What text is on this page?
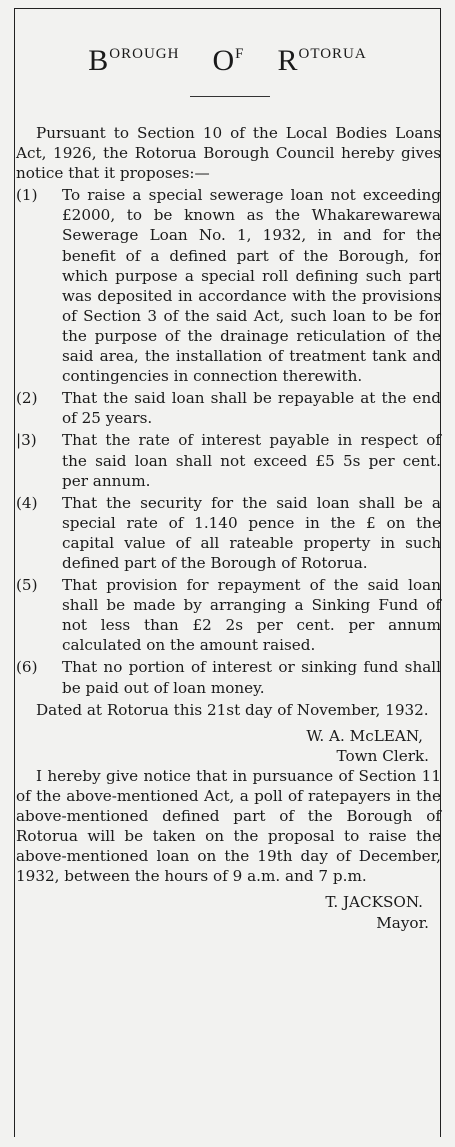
BOROUGH OF ROTORUA

Pursuant to Section 10 of the Local Bodies Loans Act, 1926, the Rotorua Borough Council hereby gives notice that it proposes:—

(1)	To raise a special sewerage loan not exceeding £2000, to be known as the Whakarewarewa Sewerage Loan No. 1, 1932, in and for the benefit of a defined part of the Borough, for which purpose a special roll defining such part was deposited in accordance with the provisions of Section 3 of the said Act, such loan to be for the purpose of the drainage reticulation of the said area, the installation of treatment tank and contingencies in connection therewith.
(2)	That the said loan shall be repayable at the end of 25 years.
|3)	That the rate of interest payable in respect of the said loan shall not exceed £5 5s per cent. per annum.
(4)	That the security for the said loan shall be a special rate of 1.140 pence in the £ on the capital value of all rateable property in such defined part of the Borough of Rotorua.
(5)	That provision for repayment of the said loan shall be made by arranging a Sinking Fund of not less than £2 2s per cent. per annum calculated on the amount raised.
(6)	That no portion of interest or sinking fund shall be paid out of loan money.

Dated at Rotorua this 21st day of November, 1932.

W. A. McLEAN,

Town Clerk.

I hereby give notice that in pursuance of Section 11 of the above-mentioned Act, a poll of ratepayers in the above-mentioned defined part of the Borough of Rotorua will be taken on the proposal to raise the above-mentioned loan on the 19th day of December, 1932, between the hours of 9 a.m. and 7 p.m.

T. JACKSON.

Mayor.
